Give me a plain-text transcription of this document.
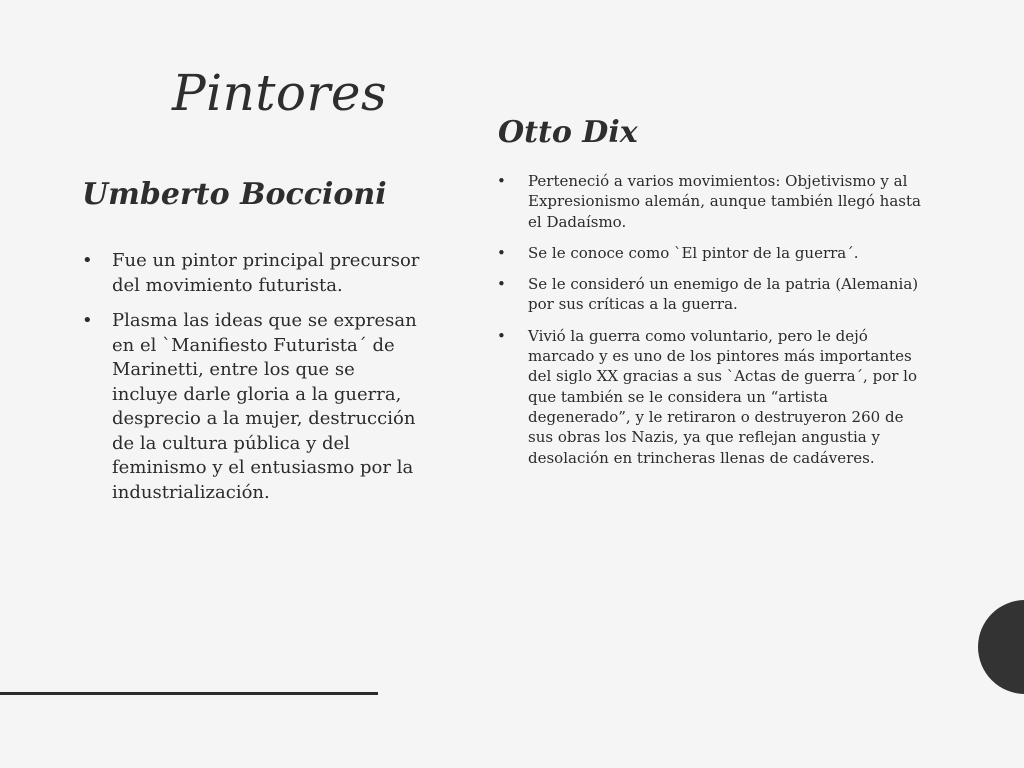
Pintores
Umberto Boccioni
• Fue un pintor principal precursor del movimiento futurista.
• Plasma las ideas que se expresan en el `Manifiesto Futurista´ de Marinetti, entre los que se incluye darle gloria a la guerra, desprecio a la mujer, destrucción de la cultura pública y del feminismo y el entusiasmo por la industrialización.
Otto Dix
• Perteneció a varios movimientos: Objetivismo y al Expresionismo alemán, aunque también llegó hasta el Dadaísmo.
• Se le conoce como `El pintor de la guerra´.
• Se le consideró un enemigo de la patria (Alemania) por sus críticas a la guerra.
• Vivió la guerra como voluntario, pero le dejó marcado y es uno de los pintores más importantes del siglo XX gracias a sus `Actas de guerra´, por lo que también se le considera un “artista degenerado”, y le retiraron o destruyeron 260 de sus obras los Nazis, ya que reflejan angustia y desolación en trincheras llenas de cadáveres.
